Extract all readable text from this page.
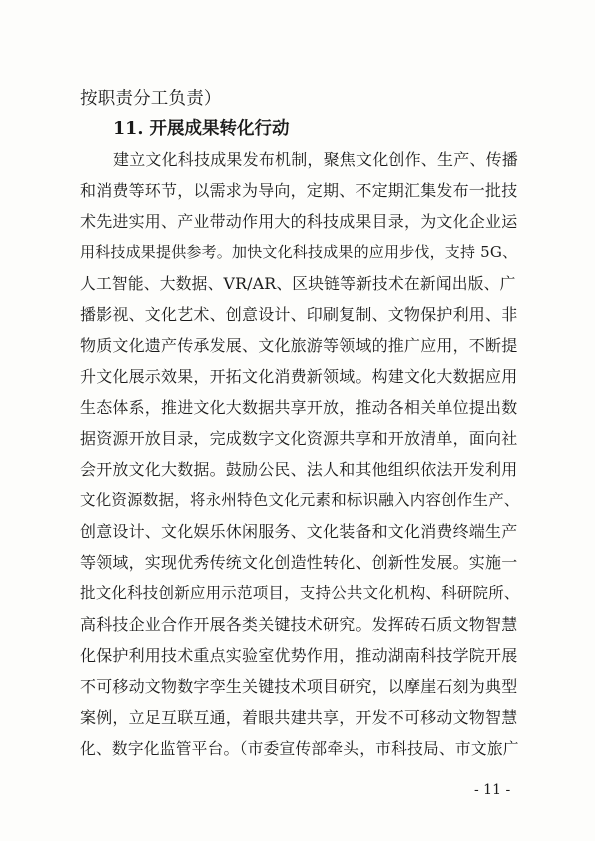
按职责分工负责）
11. 开展成果转化行动
建立文化科技成果发布机制，聚焦文化创作、生产、传播
和消费等环节，以需求为导向，定期、不定期汇集发布一批技
术先进实用、产业带动作用大的科技成果目录，为文化企业运
用科技成果提供参考。加快文化科技成果的应用步伐，支持 5G、
人工智能、大数据、VR/AR、区块链等新技术在新闻出版、广
播影视、文化艺术、创意设计、印刷复制、文物保护利用、非
物质文化遗产传承发展、文化旅游等领域的推广应用，不断提
升文化展示效果，开拓文化消费新领域。构建文化大数据应用
生态体系，推进文化大数据共享开放，推动各相关单位提出数
据资源开放目录，完成数字文化资源共享和开放清单，面向社
会开放文化大数据。鼓励公民、法人和其他组织依法开发利用
文化资源数据，将永州特色文化元素和标识融入内容创作生产、
创意设计、文化娱乐休闲服务、文化装备和文化消费终端生产
等领域，实现优秀传统文化创造性转化、创新性发展。实施一
批文化科技创新应用示范项目，支持公共文化机构、科研院所、
高科技企业合作开展各类关键技术研究。发挥砖石质文物智慧
化保护利用技术重点实验室优势作用，推动湖南科技学院开展
不可移动文物数字孪生关键技术项目研究，以摩崖石刻为典型
案例，立足互联互通，着眼共建共享，开发不可移动文物智慧
化、数字化监管平台。（市委宣传部牵头，市科技局、市文旅广
- 11 -
